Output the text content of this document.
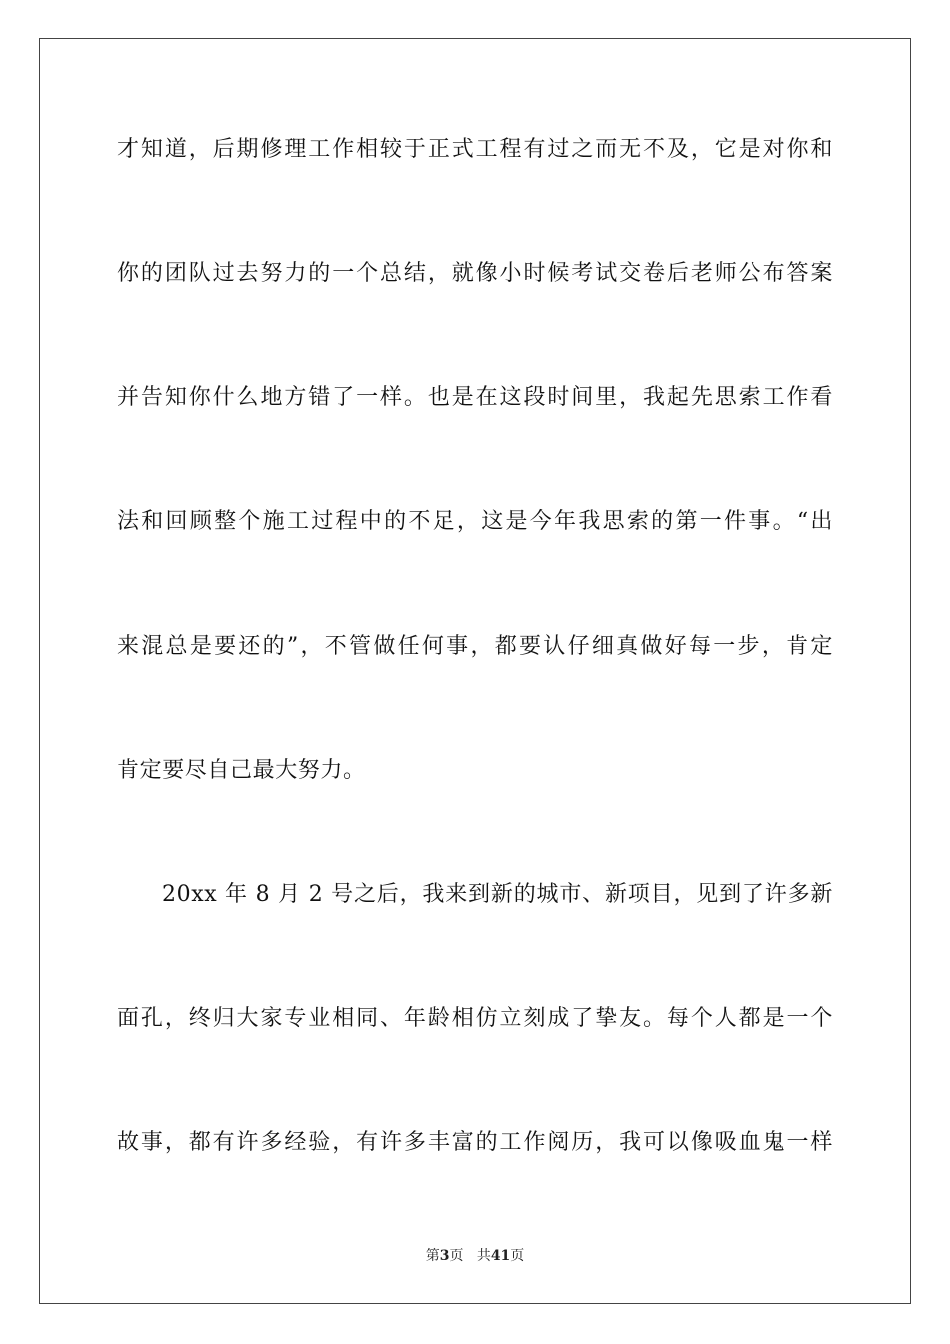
才知道，后期修理工作相较于正式工程有过之而无不及，它是对你和
你的团队过去努力的一个总结，就像小时候考试交卷后老师公布答案
并告知你什么地方错了一样。也是在这段时间里，我起先思索工作看
法和回顾整个施工过程中的不足，这是今年我思索的第一件事。“出
来混总是要还的”，不管做任何事，都要认仔细真做好每一步，肯定
肯定要尽自己最大努力。
20xx 年 8 月 2 号之后，我来到新的城市、新项目，见到了许多新
面孔，终归大家专业相同、年龄相仿立刻成了挚友。每个人都是一个
故事，都有许多经验，有许多丰富的工作阅历，我可以像吸血鬼一样
第3页 共41页
